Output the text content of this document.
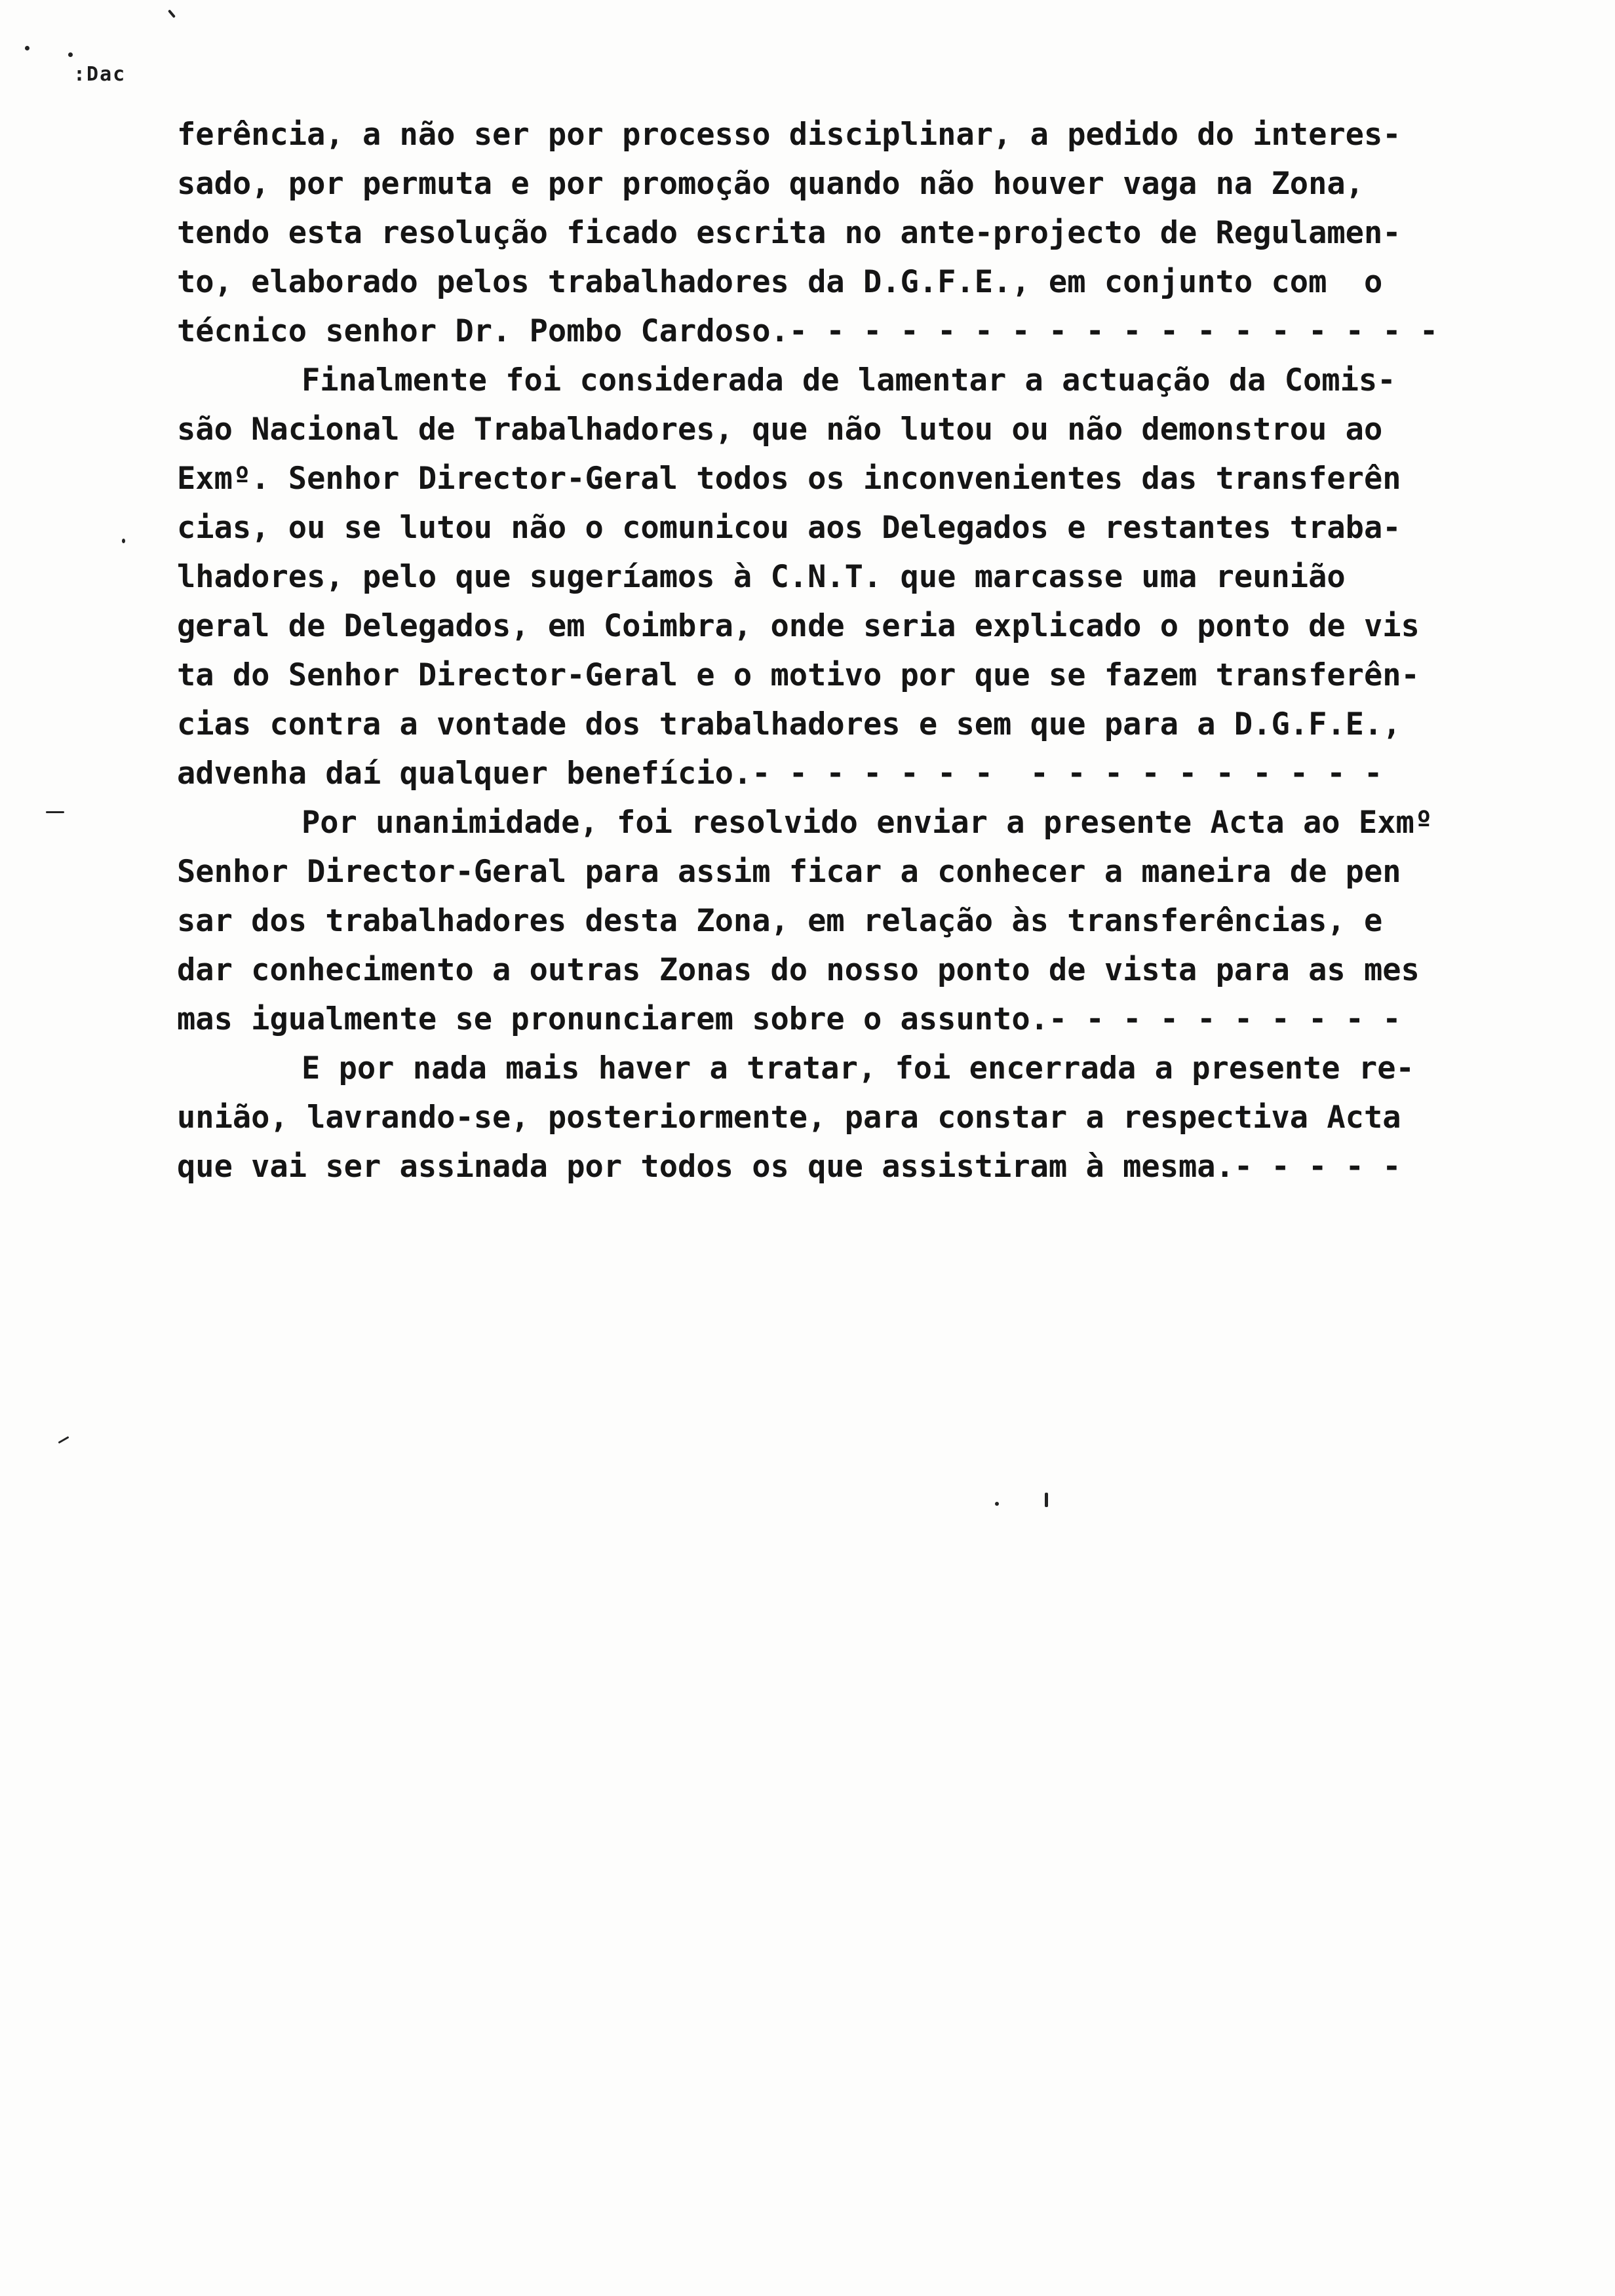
:Dac
ferência, a não ser por processo disciplinar, a pedido do interes-
sado, por permuta e por promoção quando não houver vaga na Zona,
tendo esta resolução ficado escrita no ante-projecto de Regulamen-
to, elaborado pelos trabalhadores da D.G.F.E., em conjunto com  o
técnico senhor Dr. Pombo Cardoso.- - - - - - - - - - - - - - - - - -
Finalmente foi considerada de lamentar a actuação da Comis-
são Nacional de Trabalhadores, que não lutou ou não demonstrou ao
Exmº. Senhor Director-Geral todos os inconvenientes das transferên
cias, ou se lutou não o comunicou aos Delegados e restantes traba-
lhadores, pelo que sugeríamos à C.N.T. que marcasse uma reunião
geral de Delegados, em Coimbra, onde seria explicado o ponto de vis
ta do Senhor Director-Geral e o motivo por que se fazem transferên-
cias contra a vontade dos trabalhadores e sem que para a D.G.F.E.,
advenha daí qualquer benefício.- - - - - - -  - - - - - - - - - -
Por unanimidade, foi resolvido enviar a presente Acta ao Exmº
Senhor Director-Geral para assim ficar a conhecer a maneira de pen
sar dos trabalhadores desta Zona, em relação às transferências, e
dar conhecimento a outras Zonas do nosso ponto de vista para as mes
mas igualmente se pronunciarem sobre o assunto.- - - - - - - - - -
E por nada mais haver a tratar, foi encerrada a presente re-
união, lavrando-se, posteriormente, para constar a respectiva Acta
que vai ser assinada por todos os que assistiram à mesma.- - - - -
